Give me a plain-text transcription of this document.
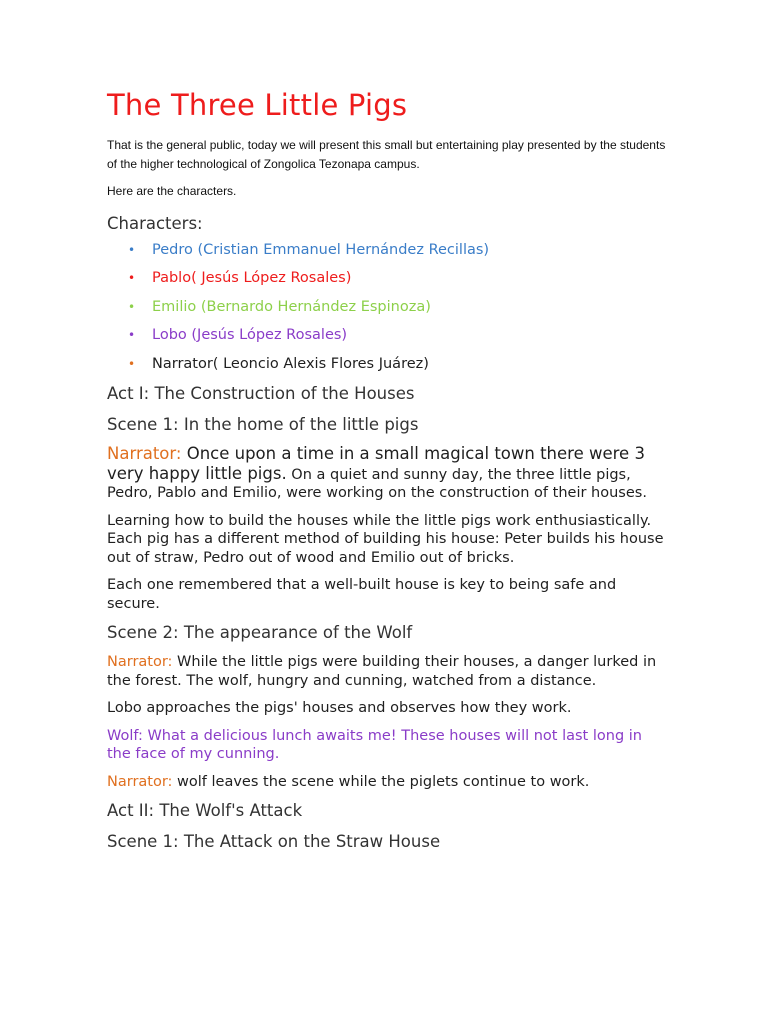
The Three Little Pigs

That is the general public, today we will present this small but entertaining play presented by the students of the higher technological of Zongolica Tezonapa campus.

Here are the characters.

Characters:
• Pedro (Cristian Emmanuel Hernández Recillas)
• Pablo( Jesús López Rosales)
• Emilio (Bernardo Hernández Espinoza)
• Lobo (Jesús López Rosales)
• Narrator( Leoncio Alexis Flores Juárez)
Act I: The Construction of the Houses
Scene 1: In the home of the little pigs

Narrator: Once upon a time in a small magical town there were 3 very happy little pigs. On a quiet and sunny day, the three little pigs, Pedro, Pablo and Emilio, were working on the construction of their houses.

Learning how to build the houses while the little pigs work enthusiastically. Each pig has a different method of building his house: Peter builds his house out of straw, Pedro out of wood and Emilio out of bricks.

Each one remembered that a well-built house is key to being safe and secure.

Scene 2: The appearance of the Wolf

Narrator: While the little pigs were building their houses, a danger lurked in the forest. The wolf, hungry and cunning, watched from a distance.

Lobo approaches the pigs' houses and observes how they work.

Wolf: What a delicious lunch awaits me! These houses will not last long in the face of my cunning.

Narrator: wolf leaves the scene while the piglets continue to work.

Act II: The Wolf's Attack
Scene 1: The Attack on the Straw House
